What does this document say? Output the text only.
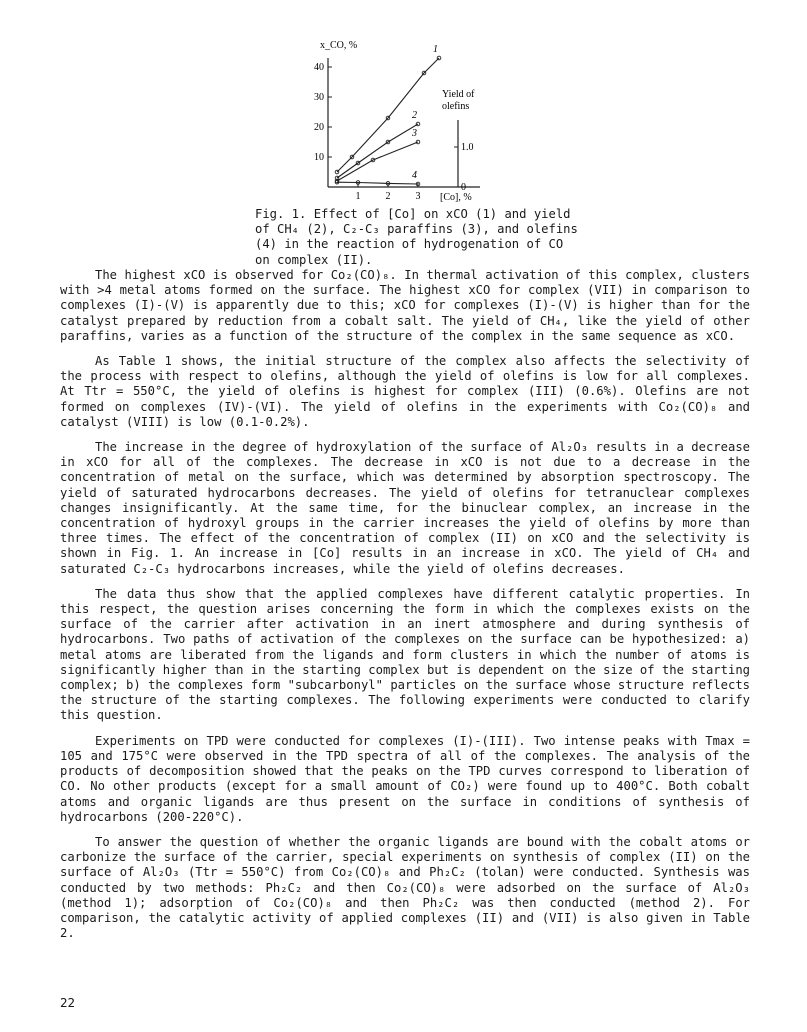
10
20
30
40
1	2	3
0
1.0
1
2
3
4
x_CO, %
[Co], %
Yield of
olefins

Fig. 1. Effect of [Co] on xCO (1) and yield

of CH₄ (2), C₂-C₃ paraffins (3), and olefins

(4) in the reaction of hydrogenation of CO

on complex (II).

The highest xCO is observed for Co₂(CO)₈. In thermal activation of this complex, clusters with >4 metal atoms formed on the surface. The highest xCO for complex (VII) in comparison to complexes (I)-(V) is apparently due to this; xCO for complexes (I)-(V) is higher than for the catalyst prepared by reduction from a cobalt salt. The yield of CH₄, like the yield of other paraffins, varies as a function of the structure of the complex in the same sequence as xCO.

As Table 1 shows, the initial structure of the complex also affects the selectivity of the process with respect to olefins, although the yield of olefins is low for all complexes. At Ttr = 550°C, the yield of olefins is highest for complex (III) (0.6%). Olefins are not formed on complexes (IV)-(VI). The yield of olefins in the experiments with Co₂(CO)₈ and catalyst (VIII) is low (0.1-0.2%).

The increase in the degree of hydroxylation of the surface of Al₂O₃ results in a decrease in xCO for all of the complexes. The decrease in xCO is not due to a decrease in the concentration of metal on the surface, which was determined by absorption spectroscopy. The yield of saturated hydrocarbons decreases. The yield of olefins for tetranuclear complexes changes insignificantly. At the same time, for the binuclear complex, an increase in the concentration of hydroxyl groups in the carrier increases the yield of olefins by more than three times. The effect of the concentration of complex (II) on xCO and the selectivity is shown in Fig. 1. An increase in [Co] results in an increase in xCO. The yield of CH₄ and saturated C₂-C₃ hydrocarbons increases, while the yield of olefins decreases.

The data thus show that the applied complexes have different catalytic properties. In this respect, the question arises concerning the form in which the complexes exists on the surface of the carrier after activation in an inert atmosphere and during synthesis of hydrocarbons. Two paths of activation of the complexes on the surface can be hypothesized: a) metal atoms are liberated from the ligands and form clusters in which the number of atoms is significantly higher than in the starting complex but is dependent on the size of the starting complex; b) the complexes form "subcarbonyl" particles on the surface whose structure reflects the structure of the starting complexes. The following experiments were conducted to clarify this question.

Experiments on TPD were conducted for complexes (I)-(III). Two intense peaks with Tmax = 105 and 175°C were observed in the TPD spectra of all of the complexes. The analysis of the products of decomposition showed that the peaks on the TPD curves correspond to liberation of CO. No other products (except for a small amount of CO₂) were found up to 400°C. Both cobalt atoms and organic ligands are thus present on the surface in conditions of synthesis of hydrocarbons (200-220°C).

To answer the question of whether the organic ligands are bound with the cobalt atoms or carbonize the surface of the carrier, special experiments on synthesis of complex (II) on the surface of Al₂O₃ (Ttr = 550°C) from Co₂(CO)₈ and Ph₂C₂ (tolan) were conducted. Synthesis was conducted by two methods: Ph₂C₂ and then Co₂(CO)₈ were adsorbed on the surface of Al₂O₃ (method 1); adsorption of Co₂(CO)₈ and then Ph₂C₂ was then conducted (method 2). For comparison, the catalytic activity of applied complexes (II) and (VII) is also given in Table 2.

22
